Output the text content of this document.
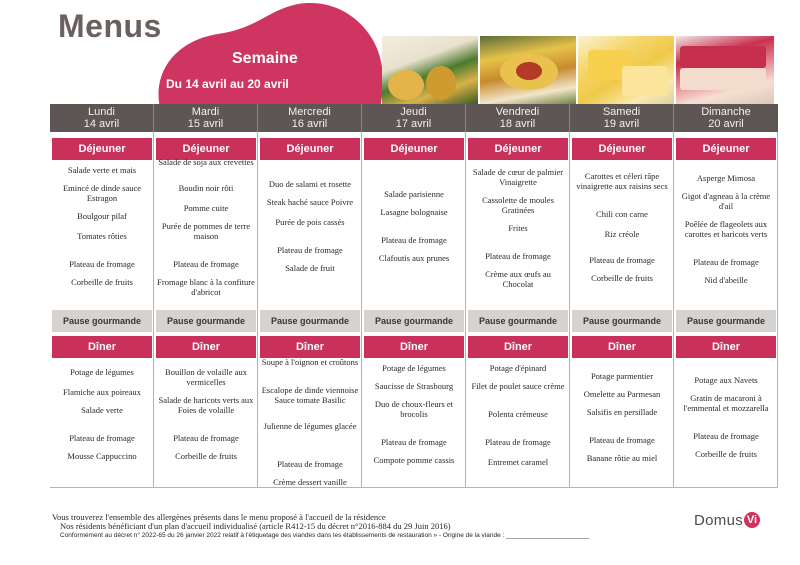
Menus
Semaine
Du 14 avril au 20 avril
Lundi
14 avril
Mardi
15 avril
Mercredi
16 avril
Jeudi
17 avril
Vendredi
18 avril
Samedi
19 avril
Dimanche
20 avril
Déjeuner
Salade verte et mais
Emincé de dinde sauce Estragon
Boulgour pilaf
Tomates rôties
Plateau de fromage
Corbeille de fruits
Pause gourmande
Dîner
Potage de légumes
Flamiche aux poireaux
Salade verte
Plateau de fromage
Mousse Cappuccino
Déjeuner
Salade de soja aux crevettes
Boudin noir rôti
Pomme cuite
Purée de pommes de terre maison
Plateau de fromage
Fromage blanc à la confiture d'abricot
Pause gourmande
Dîner
Bouillon de volaille aux vermicelles
Salade de haricots verts aux Foies de volaille
Plateau de fromage
Corbeille de fruits
Déjeuner
Duo de salami et rosette
Steak haché sauce Poivre
Purée de pois cassés
Plateau de fromage
Salade de fruit
Pause gourmande
Dîner
Soupe à l'oignon et croûtons
Escalope de dinde viennoise Sauce tomate Basilic
Julienne de légumes glacée
Plateau de fromage
Crème dessert vanille
Déjeuner
Salade parisienne
Lasagne bolognaise
Plateau de fromage
Clafoutis aux prunes
Pause gourmande
Dîner
Potage de légumes
Saucisse de Strasbourg
Duo de choux-fleurs et brocolis
Plateau de fromage
Compote pomme cassis
Déjeuner
Salade de cœur de palmier Vinaigrette
Cassolette de moules Gratinées
Frites
Plateau de fromage
Crème aux œufs au Chocolat
Pause gourmande
Dîner
Potage d'épinard
Filet de poulet sauce crème
Polenta crémeuse
Plateau de fromage
Entremet caramel
Déjeuner
Carottes et céleri râpe vinaigrette aux raisins secs
Chili con carne
Riz créole
Plateau de fromage
Corbeille de fruits
Pause gourmande
Dîner
Potage parmentier
Omelette au Parmesan
Salsifis en persillade
Plateau de fromage
Banane rôtie au miel
Déjeuner
Asperge Mimosa
Gigot d'agneau à la crème d'ail
Poêlée de flageolets aux carottes et haricots verts
Plateau de fromage
Nid d'abeille
Pause gourmande
Dîner
Potage aux Navets
Gratin de macaroni à l'emmental et mozzarella
Plateau de fromage
Corbeille de fruits
Vous trouverez l'ensemble des allergènes présents dans le menu proposé à l'accueil de la résidence
Nos résidents bénéficiant d'un plan d'accueil individualisé (article R412-15 du décret n°2016-884 du 29 Juin 2016)
Conformément au décret n° 2022-65 du 26 janvier 2022 relatif à l'étiquetage des viandes dans les établissements de restauration » - Origine de la viande : _______________________
Domus Vi
